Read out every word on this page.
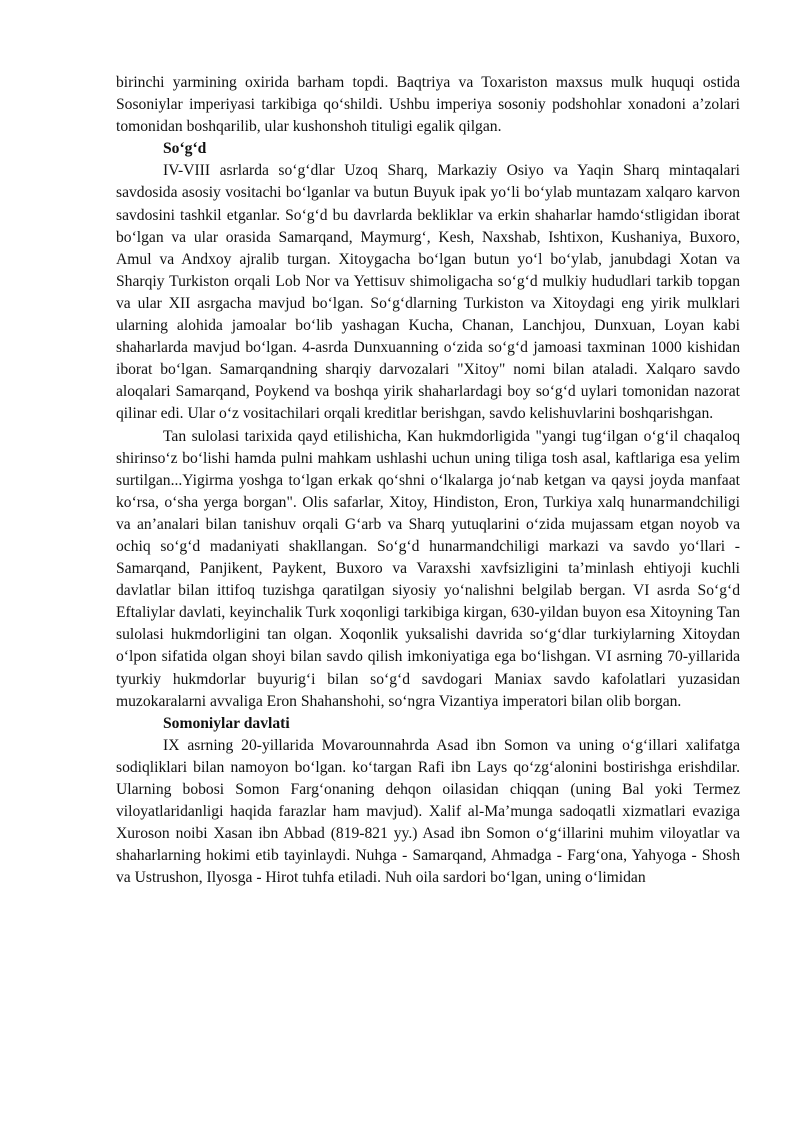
birinchi yarmining oxirida barham topdi. Baqtriya va Toxariston maxsus mulk huquqi ostida Sosoniylar imperiyasi tarkibiga qo‘shildi. Ushbu imperiya sosoniy podshohlar xonadoni a’zolari tomonidan boshqarilib, ular kushonshoh tituligi egalik qilgan.

So‘g‘d

IV-VIII asrlarda so‘g‘dlar Uzoq Sharq, Markaziy Osiyo va Yaqin Sharq mintaqalari savdosida asosiy vositachi bo‘lganlar va butun Buyuk ipak yo‘li bo‘ylab muntazam xalqaro karvon savdosini tashkil etganlar. So‘g‘d bu davrlarda bekliklar va erkin shaharlar hamdo‘stligidan iborat bo‘lgan va ular orasida Samarqand, Maymurg‘, Kesh, Naxshab, Ishtixon, Kushaniya, Buxoro, Amul va Andxoy ajralib turgan. Xitoygacha bo‘lgan butun yo‘l bo‘ylab, janubdagi Xotan va Sharqiy Turkiston orqali Lob Nor va Yettisuv shimoligacha so‘g‘d mulkiy hududlari tarkib topgan va ular XII asrgacha mavjud bo‘lgan. So‘g‘dlarning Turkiston va Xitoydagi eng yirik mulklari ularning alohida jamoalar bo‘lib yashagan Kucha, Chanan, Lanchjou, Dunxuan, Loyan kabi shaharlarda mavjud bo‘lgan. 4-asrda Dunxuanning o‘zida so‘g‘d jamoasi taxminan 1000 kishidan iborat bo‘lgan. Samarqandning sharqiy darvozalari "Xitoy" nomi bilan ataladi. Xalqaro savdo aloqalari Samarqand, Poykend va boshqa yirik shaharlardagi boy so‘g‘d uylari tomonidan nazorat qilinar edi. Ular o‘z vositachilari orqali kreditlar berishgan, savdo kelishuvlarini boshqarishgan.

Tan sulolasi tarixida qayd etilishicha, Kan hukmdorligida "yangi tug‘ilgan o‘g‘il chaqaloq shirinso‘z bo‘lishi hamda pulni mahkam ushlashi uchun uning tiliga tosh asal, kaftlariga esa yelim surtilgan...Yigirma yoshga to‘lgan erkak qo‘shni o‘lkalarga jo‘nab ketgan va qaysi joyda manfaat ko‘rsa, o‘sha yerga borgan". Olis safarlar, Xitoy, Hindiston, Eron, Turkiya xalq hunarmandchiligi va an’analari bilan tanishuv orqali G‘arb va Sharq yutuqlarini o‘zida mujassam etgan noyob va ochiq so‘g‘d madaniyati shakllangan. So‘g‘d hunarmandchiligi markazi va savdo yo‘llari - Samarqand, Panjikent, Paykent, Buxoro va Varaxshi xavfsizligini ta’minlash ehtiyoji kuchli davlatlar bilan ittifoq tuzishga qaratilgan siyosiy yo‘nalishni belgilab bergan. VI asrda So‘g‘d Eftaliylar davlati, keyinchalik Turk xoqonligi tarkibiga kirgan, 630-yildan buyon esa Xitoyning Tan sulolasi hukmdorligini tan olgan. Xoqonlik yuksalishi davrida so‘g‘dlar turkiylarning Xitoydan o‘lpon sifatida olgan shoyi bilan savdo qilish imkoniyatiga ega bo‘lishgan. VI asrning 70-yillarida tyurkiy hukmdorlar buyurig‘i bilan so‘g‘d savdogari Maniax savdo kafolatlari yuzasidan muzokaralarni avvaliga Eron Shahanshohi, so‘ngra Vizantiya imperatori bilan olib borgan.

Somoniylar davlati

IX asrning 20-yillarida Movarounnahrda Asad ibn Somon va uning o‘g‘illari xalifatga sodiqliklari bilan namoyon bo‘lgan. ko‘targan Rafi ibn Lays qo‘zg‘alonini bostirishga erishdilar. Ularning bobosi Somon Farg‘onaning dehqon oilasidan chiqqan (uning Bal yoki Termez viloyatlaridanligi haqida farazlar ham mavjud). Xalif al-Ma’munga sadoqatli xizmatlari evaziga Xuroson noibi Xasan ibn Abbad (819-821 yy.) Asad ibn Somon o‘g‘illarini muhim viloyatlar va shaharlarning hokimi etib tayinlaydi. Nuhga - Samarqand, Ahmadga - Farg‘ona, Yahyoga - Shosh va Ustrushon, Ilyosga - Hirot tuhfa etiladi. Nuh oila sardori bo‘lgan, uning o‘limidan
